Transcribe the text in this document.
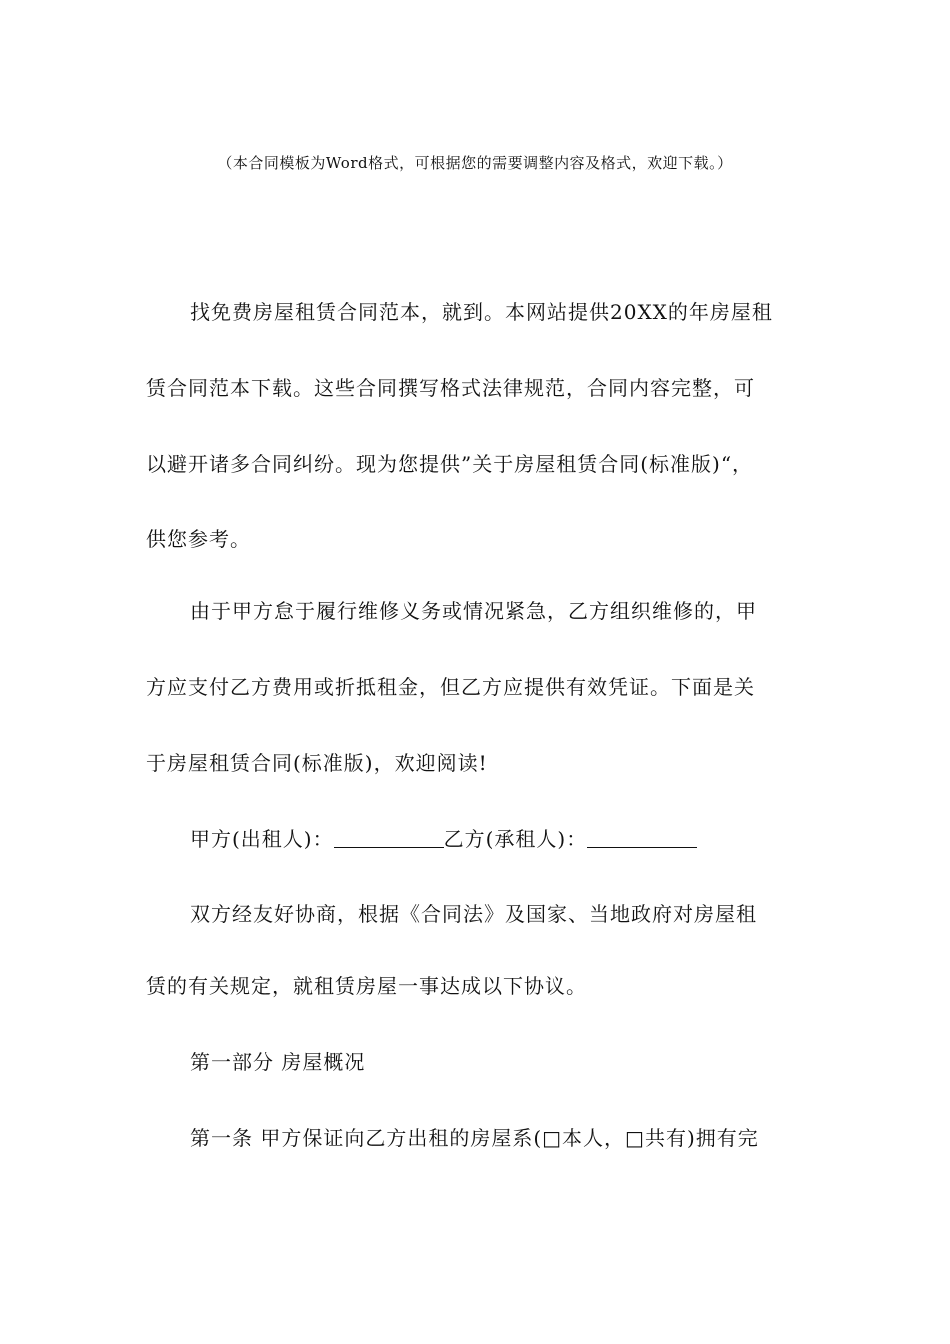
（本合同模板为Word格式，可根据您的需要调整内容及格式，欢迎下载。）
找免费房屋租赁合同范本，就到。本网站提供20XX的年房屋租
赁合同范本下载。这些合同撰写格式法律规范，合同内容完整，可
以避开诸多合同纠纷。现为您提供”关于房屋租赁合同(标准版)“，
供您参考。
由于甲方怠于履行维修义务或情况紧急，乙方组织维修的，甲
方应支付乙方费用或折抵租金，但乙方应提供有效凭证。下面是关
于房屋租赁合同(标准版)，欢迎阅读!
甲方(出租人)：	乙方(承租人)：
双方经友好协商，根据《合同法》及国家、当地政府对房屋租
赁的有关规定，就租赁房屋一事达成以下协议。
第一部分 房屋概况
第一条 甲方保证向乙方出租的房屋系(□本人，□共有)拥有完
